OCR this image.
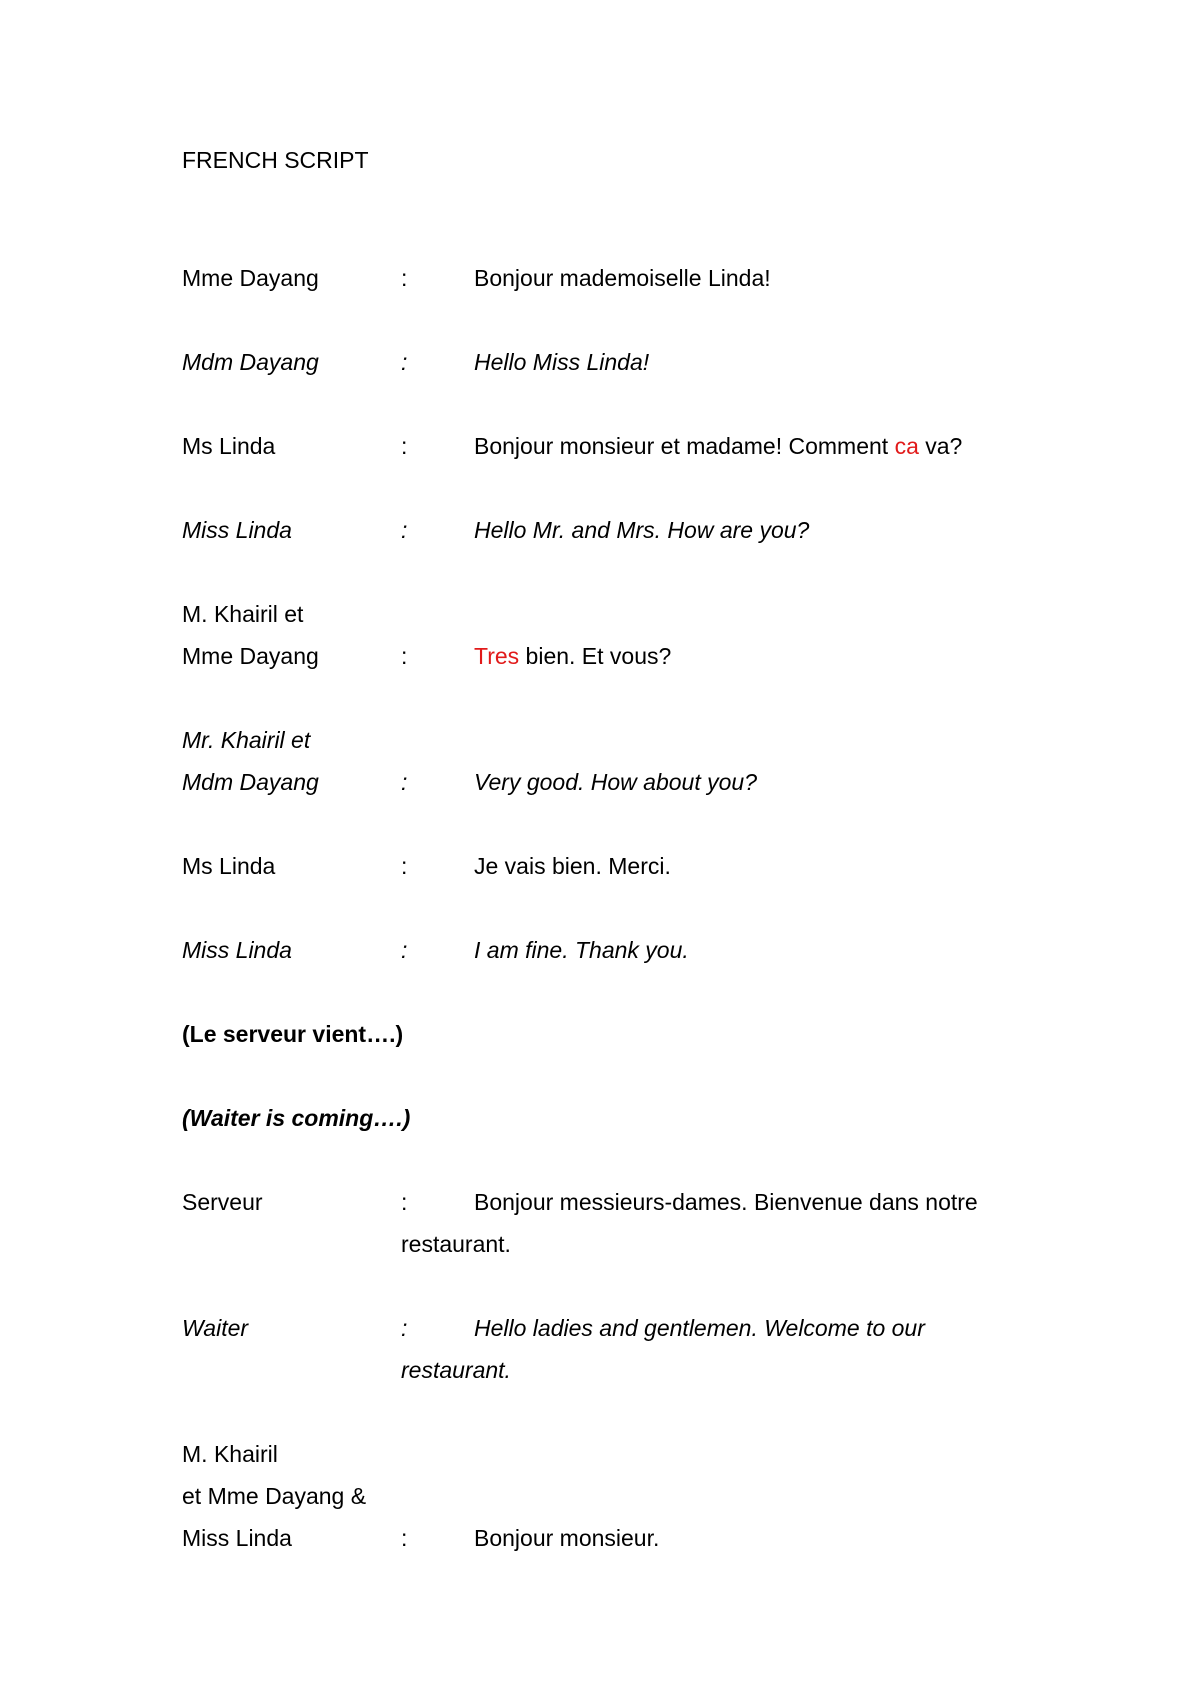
FRENCH SCRIPT
Mme Dayang	:	Bonjour mademoiselle Linda!
Mdm Dayang	:	Hello Miss Linda!
Ms Linda	:	Bonjour monsieur et madame! Comment ca va?
Miss Linda	:	Hello Mr. and Mrs. How are you?
M. Khairil et
Mme Dayang	:	Tres bien. Et vous?
Mr. Khairil et
Mdm Dayang	:	Very good. How about you?
Ms Linda	:	Je vais bien. Merci.
Miss Linda	:	I am fine. Thank you.
(Le serveur vient….)
(Waiter is coming….)
Serveur	:	Bonjour messieurs-dames. Bienvenue dans notre
restaurant.
Waiter	:	Hello ladies and gentlemen. Welcome to our
restaurant.
M. Khairil
et Mme Dayang &
Miss Linda	:	Bonjour monsieur.
